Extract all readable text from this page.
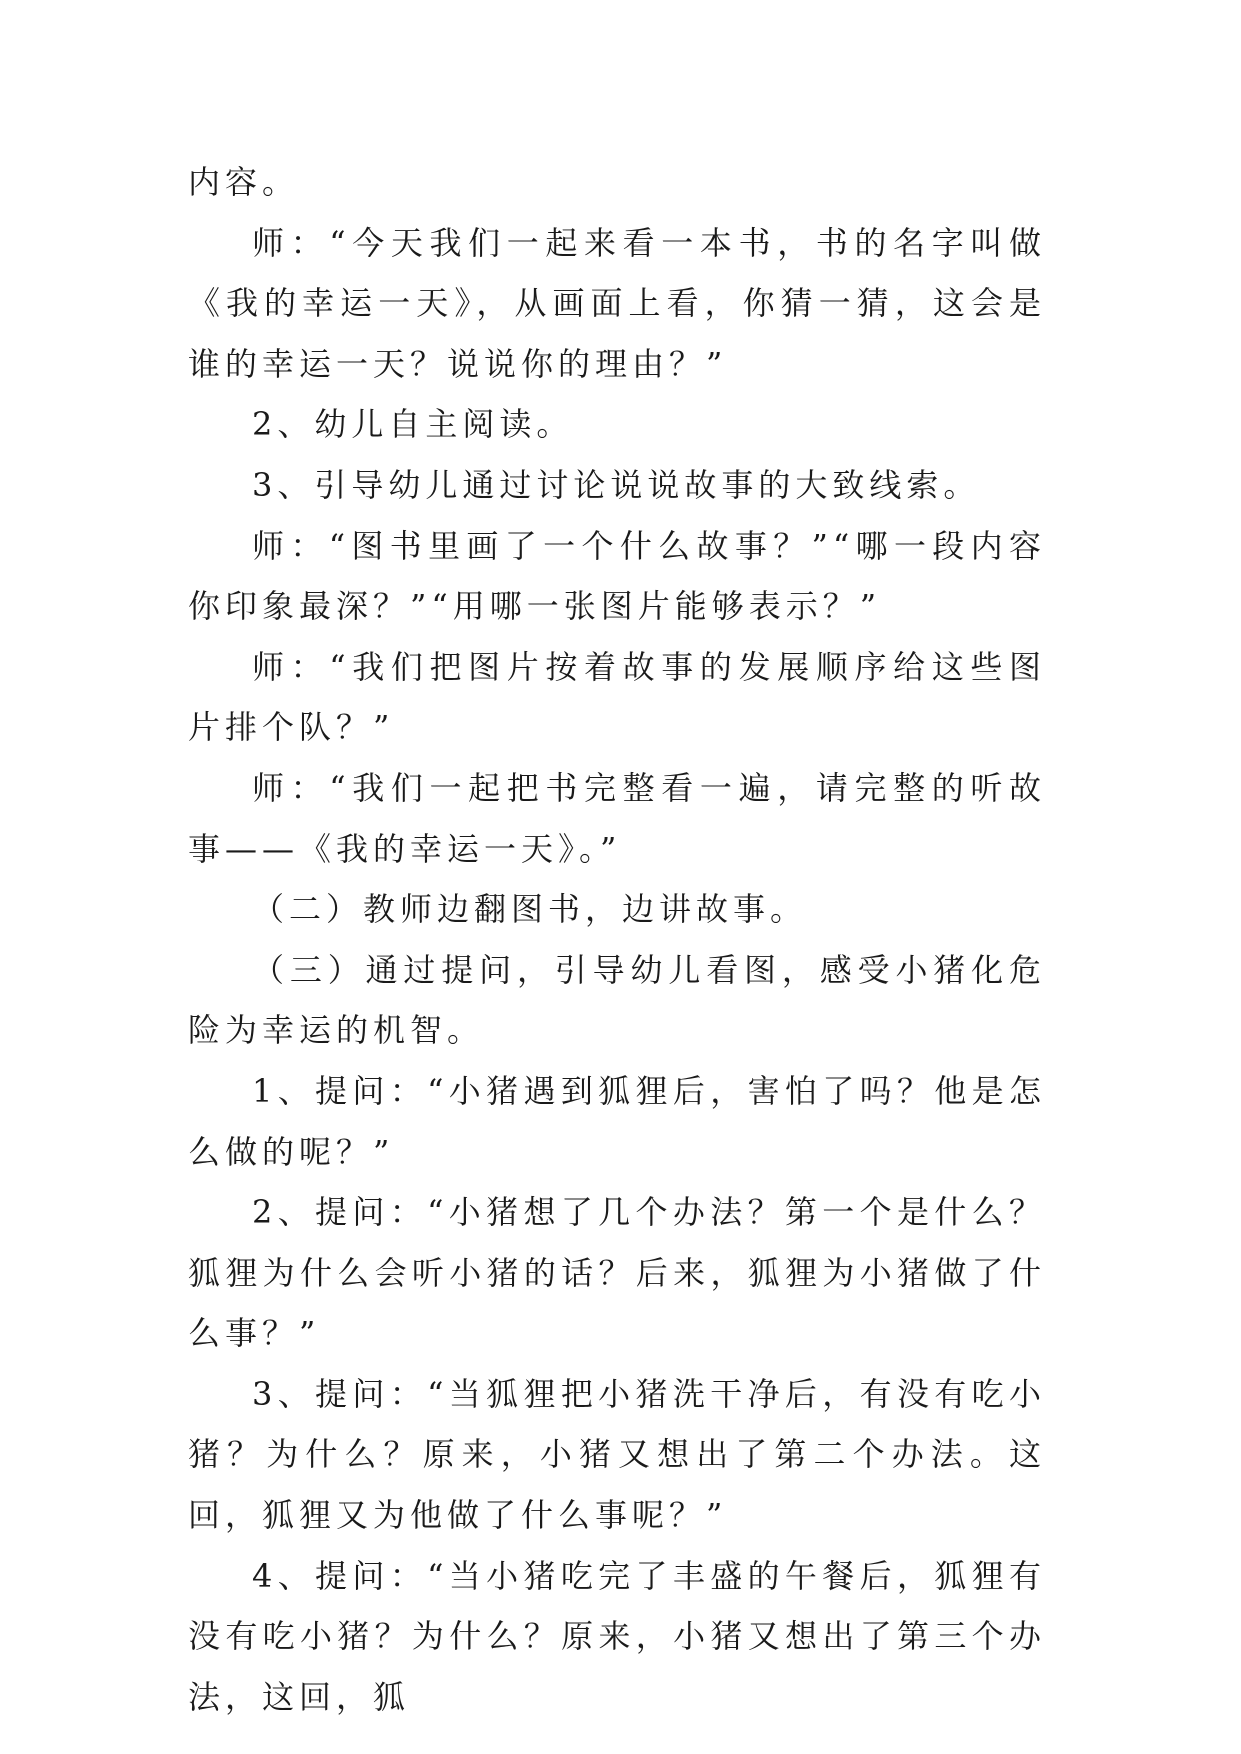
内容。

师：“今天我们一起来看一本书，书的名字叫做《我的幸运一天》，从画面上看，你猜一猜，这会是谁的幸运一天？说说你的理由？”

2、幼儿自主阅读。

3、引导幼儿通过讨论说说故事的大致线索。

师：“图书里画了一个什么故事？”“哪一段内容你印象最深？”“用哪一张图片能够表示？”

师：“我们把图片按着故事的发展顺序给这些图片排个队？”

师：“我们一起把书完整看一遍，请完整的听故事——《我的幸运一天》。”

（二）教师边翻图书，边讲故事。

（三）通过提问，引导幼儿看图，感受小猪化危险为幸运的机智。

1、提问：“小猪遇到狐狸后，害怕了吗？他是怎么做的呢？”

2、提问：“小猪想了几个办法？第一个是什么？狐狸为什么会听小猪的话？后来，狐狸为小猪做了什么事？”

3、提问：“当狐狸把小猪洗干净后，有没有吃小猪？为什么？原来，小猪又想出了第二个办法。这回，狐狸又为他做了什么事呢？”

4、提问：“当小猪吃完了丰盛的午餐后，狐狸有没有吃小猪？为什么？原来，小猪又想出了第三个办法，这回，狐
